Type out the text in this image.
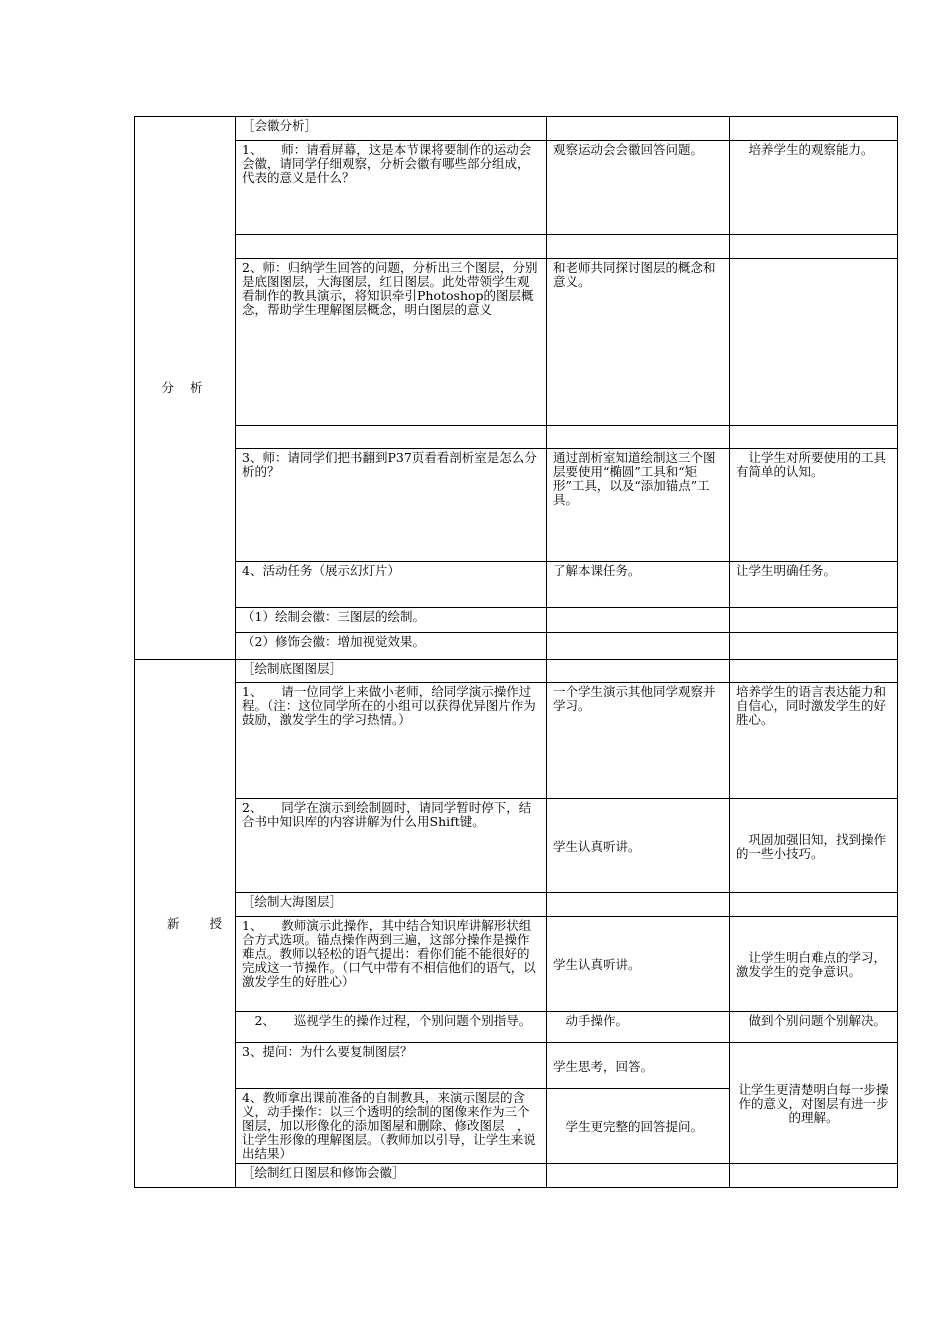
分 析	［会徽分析］		
	1、　　师：请看屏幕，这是本节课将要制作的运动会会徽，请同学仔细观察，分析会徽有哪些部分组成，代表的意义是什么？	观察运动会会徽回答问题。	培养学生的观察能力。

	2、师：归纳学生回答的问题，分析出三个图层，分别是底图图层，大海图层，红日图层。此处带领学生观看制作的教具演示，将知识牵引Photoshop的图层概念，帮助学生理解图层概念，明白图层的意义	和老师共同探讨图层的概念和意义。	

	3、师：请同学们把书翻到P37页看看剖析室是怎么分析的？	通过剖析室知道绘制这三个图层要使用“椭圆”工具和“矩形”工具，以及“添加锚点”工具。	让学生对所要使用的工具有简单的认知。
	4、活动任务（展示幻灯片）	了解本课任务。	让学生明确任务。
	（1）绘制会徽：三图层的绘制。		
	（2）修饰会徽：增加视觉效果。		

新 授	［绘制底图图层］		
	1、　　请一位同学上来做小老师，给同学演示操作过程。（注：这位同学所在的小组可以获得优异图片作为鼓励，激发学生的学习热情。）	一个学生演示其他同学观察并学习。	培养学生的语言表达能力和自信心，同时激发学生的好胜心。
	2、　　同学在演示到绘制圆时，请同学暂时停下，结合书中知识库的内容讲解为什么用Shift键。	学生认真听讲。	巩固加强旧知，找到操作的一些小技巧。
	［绘制大海图层］		
	1、　　教师演示此操作，其中结合知识库讲解形状组合方式选项。锚点操作两到三遍，这部分操作是操作难点。教师以轻松的语气提出：看你们能不能很好的完成这一节操作。（口气中带有不相信他们的语气，以激发学生的好胜心）	学生认真听讲。	让学生明白难点的学习，激发学生的竞争意识。
	2、　　巡视学生的操作过程，个别问题个别指导。	动手操作。	做到个别问题个别解决。
	3、提问：为什么要复制图层？	学生思考，回答。	让学生更清楚明白每一步操作的意义，对图层有进一步的理解。
	4、教师拿出课前准备的自制教具，来演示图层的含义，动手操作：以三个透明的绘制的图像来作为三个图层，加以形像化的添加图屋和删除、修改图层　，让学生形像的理解图层。（教师加以引导，让学生来说出结果）	学生更完整的回答提问。	
	［绘制红日图层和修饰会徽］		
